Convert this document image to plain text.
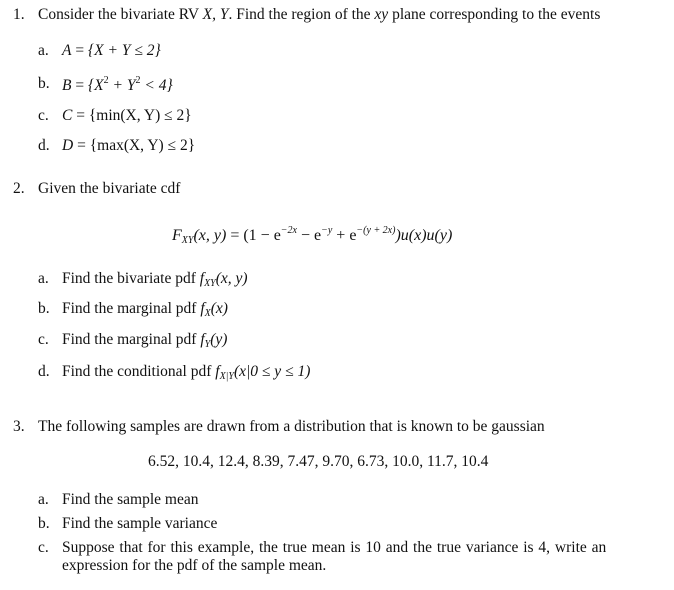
1. Consider the bivariate RV X, Y. Find the region of the xy plane corresponding to the events
a. A = {X + Y ≤ 2}
b. $B = \{X^2 + Y^2 < 4\}$
c. C = {min(X, Y) ≤ 2}
d. D = {max(X, Y) ≤ 2}
2. Given the bivariate cdf
$F_{XY}(x$, $y) = (1 - e^{-2x} - e^{-y} + e^{-(y + 2x)})u(x)u(y)$
a. Find the bivariate pdf $f_{XY}(x$, y)
b. Find the marginal pdf $f_X(x)$
c. Find the marginal pdf $f_Y(y)$
d. Find the conditional pdf $f_{X|Y}(x|0 \le y \le 1)$
3. The following samples are drawn from a distribution that is known to be gaussian
6.52, 10.4, 12.4, 8.39, 7.47, 9.70, 6.73, 10.0, 11.7, 10.4
a. Find the sample mean
b. Find the sample variance
c. Suppose that for this example, the true mean is 10 and the true variance is 4, write an
expression for the pdf of the sample mean.
